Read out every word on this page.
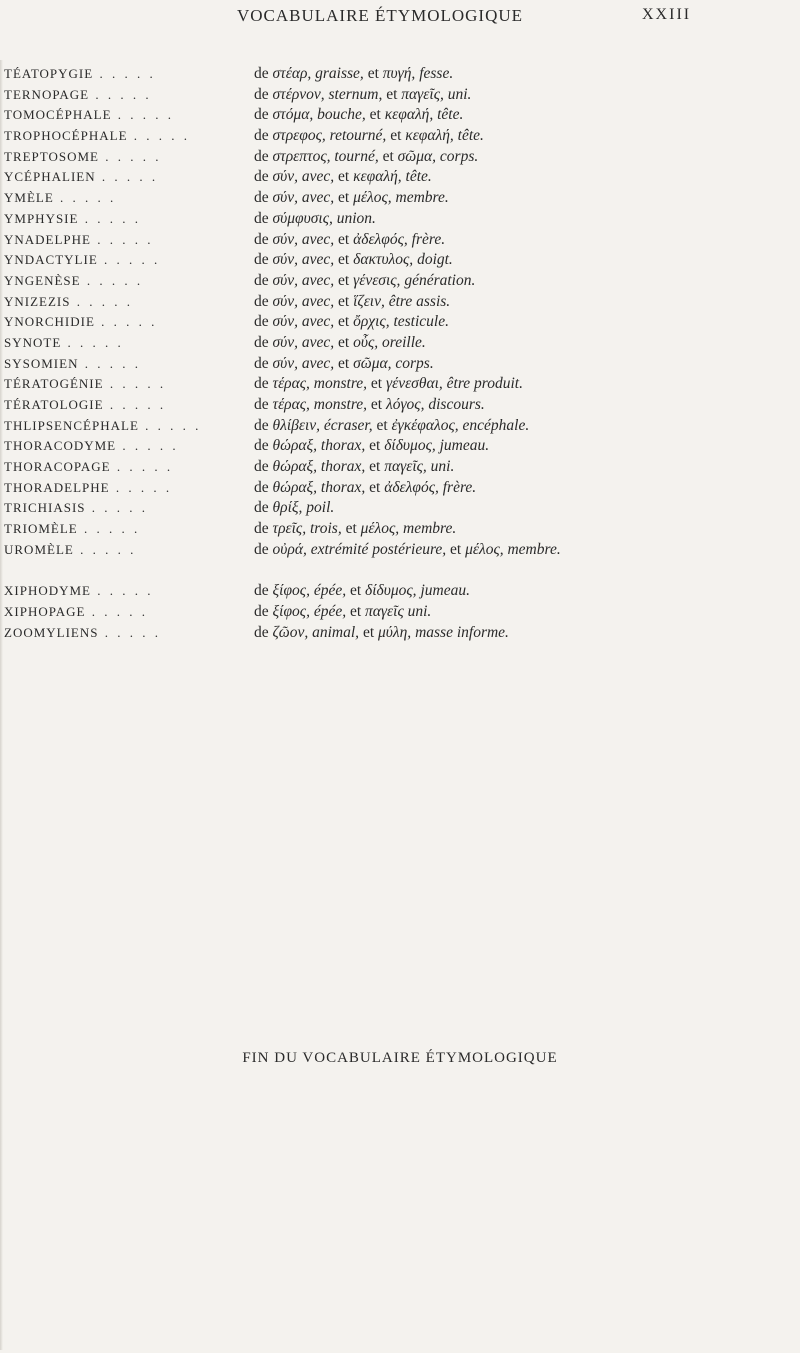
VOCABULAIRE ÉTYMOLOGIQUE	XXIII
TÉATOPYGIE . . . . .	de στέαρ, graisse, et πυγή, fesse.
TERNOPAGE . . . . .	de στέρνον, sternum, et παγεῖς, uni.
TOMOCÉPHALE . . . . .	de στόμα, bouche, et κεφαλή, tête.
TROPHOCÉPHALE . . . . .	de στρεφος, retourné, et κεφαλή, tête.
TREPTOSOME . . . . .	de στρεπτος, tourné, et σῶμα, corps.
YCÉPHALIEN . . . . .	de σύν, avec, et κεφαλή, tête.
YMÈLE . . . . .	de σύν, avec, et μέλος, membre.
YMPHYSIE . . . . .	de σύμφυσις, union.
YNADELPHE . . . . .	de σύν, avec, et ἀδελφός, frère.
YNDACTYLIE . . . . .	de σύν, avec, et δακτυλος, doigt.
YNGENÈSE . . . . .	de σύν, avec, et γένεσις, génération.
YNIZEZIS . . . . .	de σύν, avec, et ἵζειν, être assis.
YNORCHIDIE . . . . .	de σύν, avec, et ὄρχις, testicule.
SYNOTE . . . . .	de σύν, avec, et οὖς, oreille.
SYSOMIEN . . . . .	de σύν, avec, et σῶμα, corps.
TÉRATOGÉNIE . . . . .	de τέρας, monstre, et γένεσθαι, être produit.
TÉRATOLOGIE . . . . .	de τέρας, monstre, et λόγος, discours.
THLIPSENCÉPHALE . . . . .	de θλίβειν, écraser, et ἐγκέφαλος, encéphale.
THORACODYME . . . . .	de θώραξ, thorax, et δίδυμος, jumeau.
THORACOPAGE . . . . .	de θώραξ, thorax, et παγεῖς, uni.
THORADELPHE . . . . .	de θώραξ, thorax, et ἀδελφός, frère.
TRICHIASIS . . . . .	de θρίξ, poil.
TRIOMÈLE . . . . .	de τρεῖς, trois, et μέλος, membre.
UROMÈLE . . . . .	de οὐρά, extrémité postérieure, et μέλος, membre.
XIPHODYME . . . . .	de ξίφος, épée, et δίδυμος, jumeau.
XIPHOPAGE . . . . .	de ξίφος, épée, et παγεῖς uni.
ZOOMYLIENS . . . . .	de ζῶον, animal, et μύλη, masse informe.
FIN DU VOCABULAIRE ÉTYMOLOGIQUE
